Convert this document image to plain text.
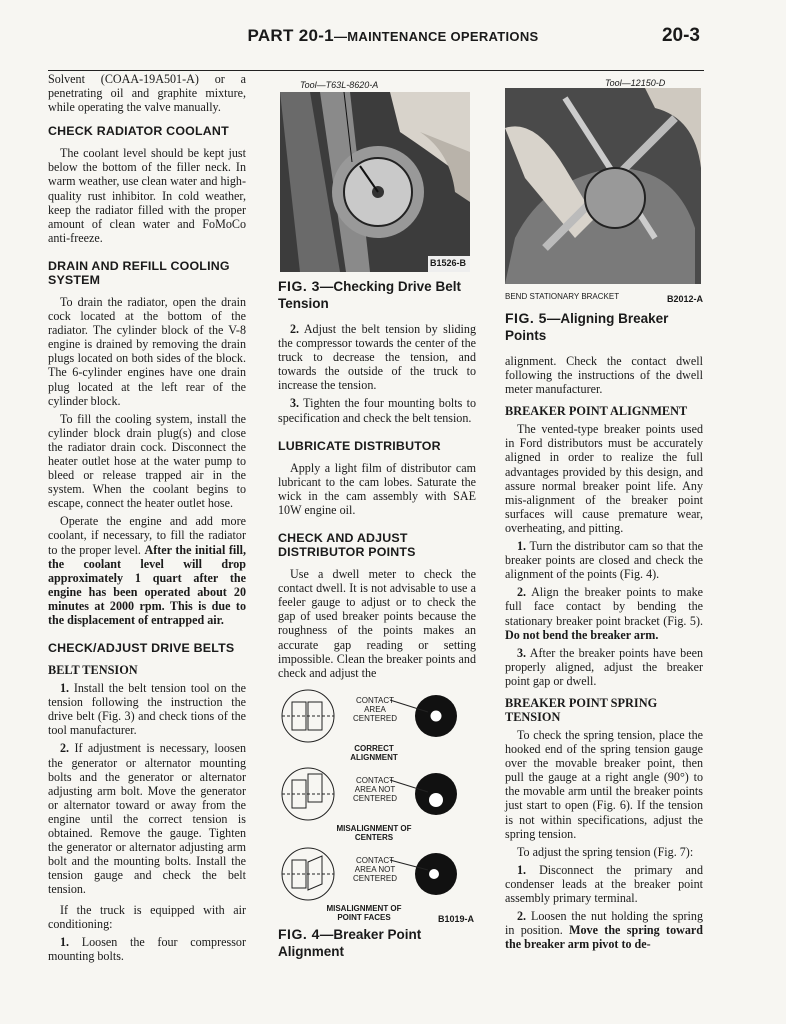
PART 20-1—MAINTENANCE OPERATIONS	20-3

Solvent (COAA-19A501-A) or a penetrating oil and graphite mixture, while operating the valve manually.

CHECK RADIATOR COOLANT

The coolant level should be kept just below the bottom of the filler neck. In warm weather, use clean water and high-quality rust inhibitor. In cold weather, keep the radiator filled with the proper amount of clean water and FoMoCo anti-freeze.

DRAIN AND REFILL COOLING SYSTEM

To drain the radiator, open the drain cock located at the bottom of the radiator. The cylinder block of the V-8 engine is drained by removing the drain plugs located on both sides of the block. The 6-cylinder engines have one drain plug located at the left rear of the cylinder block.

To fill the cooling system, install the cylinder block drain plug(s) and close the radiator drain cock. Disconnect the heater outlet hose at the water pump to bleed or release trapped air in the system. When the coolant begins to escape, connect the heater outlet hose.

Operate the engine and add more coolant, if necessary, to fill the radiator to the proper level. After the initial fill, the coolant level will drop approximately 1 quart after the engine has been operated about 20 minutes at 2000 rpm. This is due to the displacement of entrapped air.

CHECK/ADJUST DRIVE BELTS
BELT TENSION

1. Install the belt tension tool on the tension following the instruction the drive belt (Fig. 3) and check tions of the tool manufacturer.

2. If adjustment is necessary, loosen the generator or alternator mounting bolts and the generator or alternator adjusting arm bolt. Move the generator or alternator toward or away from the engine until the correct tension is obtained. Remove the gauge. Tighten the generator or alternator adjusting arm bolt and the mounting bolts. Install the tension gauge and check the belt tension.

If the truck is equipped with air conditioning:

1. Loosen the four compressor mounting bolts.

Tool—T63L-8620-A
B1526-B
FIG. 3—Checking Drive Belt Tension

2. Adjust the belt tension by sliding the compressor towards the center of the truck to decrease the tension, and towards the outside of the truck to increase the tension.

3. Tighten the four mounting bolts to specification and check the belt tension.

LUBRICATE DISTRIBUTOR

Apply a light film of distributor cam lubricant to the cam lobes. Saturate the wick in the cam assembly with SAE 10W engine oil.

CHECK AND ADJUST DISTRIBUTOR POINTS

Use a dwell meter to check the contact dwell. It is not advisable to use a feeler gauge to adjust or to check the gap of used breaker points because the roughness of the points makes an accurate gap reading or setting impossible. Clean the breaker points and check and adjust the

CONTACT AREA CENTERED
CORRECT ALIGNMENT
CONTACT AREA NOT CENTERED
MISALIGNMENT OF CENTERS
CONTACT AREA NOT CENTERED
MISALIGNMENT OF POINT FACES	B1019-A
FIG. 4—Breaker Point Alignment
Tool—12150-D
BEND STATIONARY BRACKET	B2012-A
FIG. 5—Aligning Breaker Points

alignment. Check the contact dwell following the instructions of the dwell meter manufacturer.

BREAKER POINT ALIGNMENT

The vented-type breaker points used in Ford distributors must be accurately aligned in order to realize the full advantages provided by this design, and assure normal breaker point life. Any mis-alignment of the breaker point surfaces will cause premature wear, overheating, and pitting.

1. Turn the distributor cam so that the breaker points are closed and check the alignment of the points (Fig. 4).

2. Align the breaker points to make full face contact by bending the stationary breaker point bracket (Fig. 5). Do not bend the breaker arm.

3. After the breaker points have been properly aligned, adjust the breaker point gap or dwell.

BREAKER POINT SPRING TENSION

To check the spring tension, place the hooked end of the spring tension gauge over the movable breaker point, then pull the gauge at a right angle (90°) to the movable arm until the breaker points just start to open (Fig. 6). If the tension is not within specifications, adjust the spring tension.

To adjust the spring tension (Fig. 7):

1. Disconnect the primary and condenser leads at the breaker point assembly primary terminal.

2. Loosen the nut holding the spring in position. Move the spring toward the breaker arm pivot to de-
